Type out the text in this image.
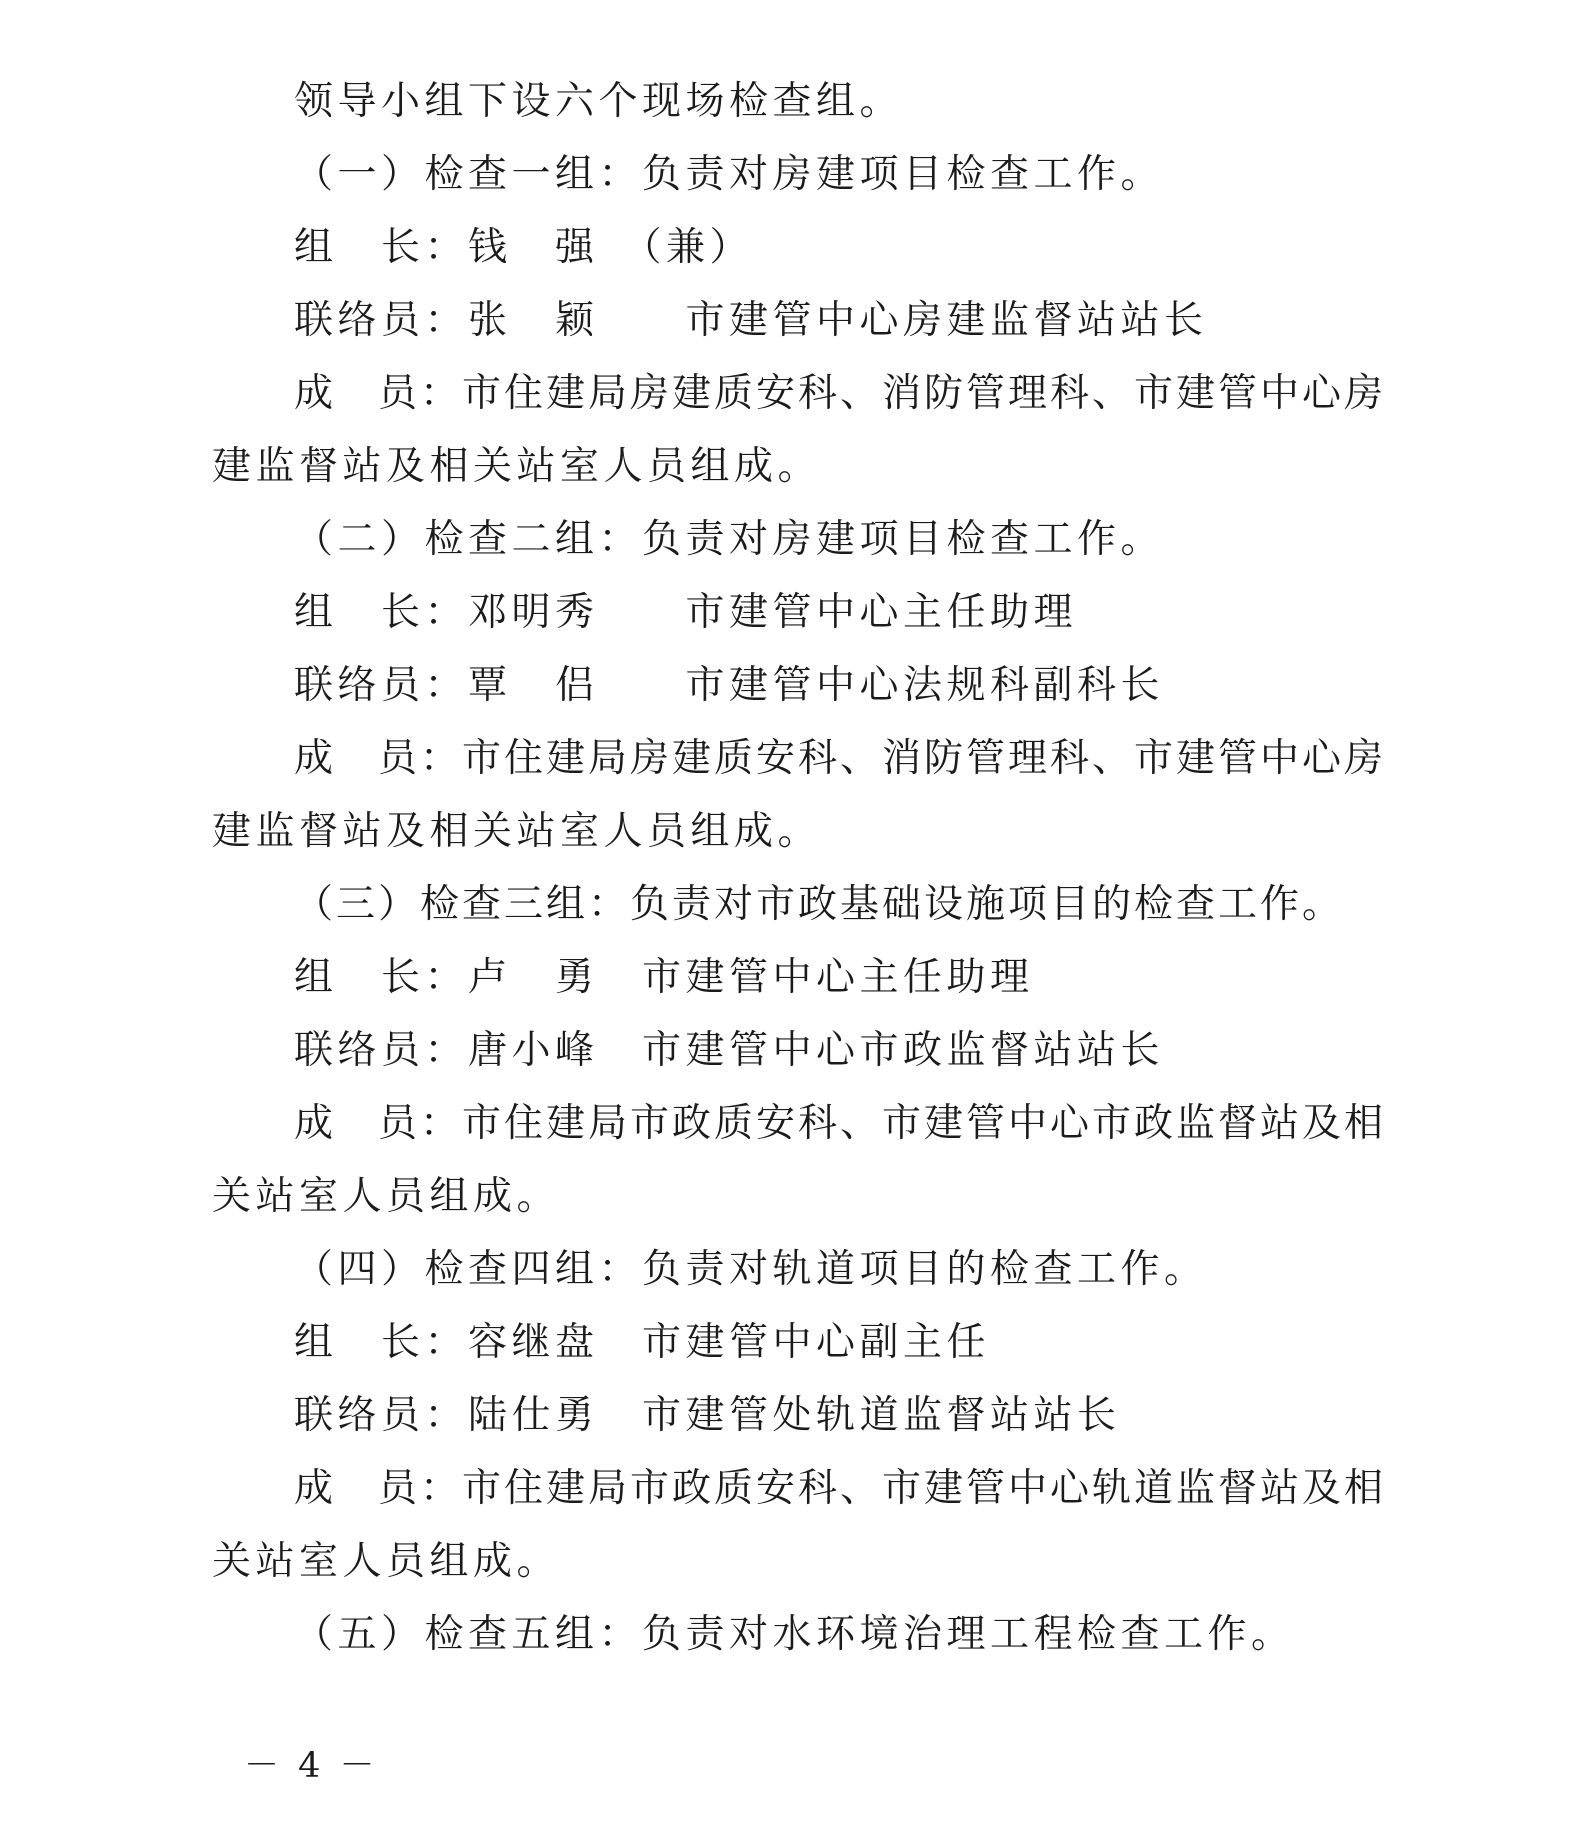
领导小组下设六个现场检查组。
（一）检查一组：负责对房建项目检查工作。
组　长：钱　强　（兼）
联络员：张　颖　　市建管中心房建监督站站长
成　员：市住建局房建质安科、消防管理科、市建管中心房
建监督站及相关站室人员组成。
（二）检查二组：负责对房建项目检查工作。
组　长：邓明秀　　市建管中心主任助理
联络员：覃　侣　　市建管中心法规科副科长
成　员：市住建局房建质安科、消防管理科、市建管中心房
建监督站及相关站室人员组成。
（三）检查三组：负责对市政基础设施项目的检查工作。
组　长：卢　勇　市建管中心主任助理
联络员：唐小峰　市建管中心市政监督站站长
成　员：市住建局市政质安科、市建管中心市政监督站及相
关站室人员组成。
（四）检查四组：负责对轨道项目的检查工作。
组　长：容继盘　市建管中心副主任
联络员：陆仕勇　市建管处轨道监督站站长
成　员：市住建局市政质安科、市建管中心轨道监督站及相
关站室人员组成。
（五）检查五组：负责对水环境治理工程检查工作。
－ 4 －
